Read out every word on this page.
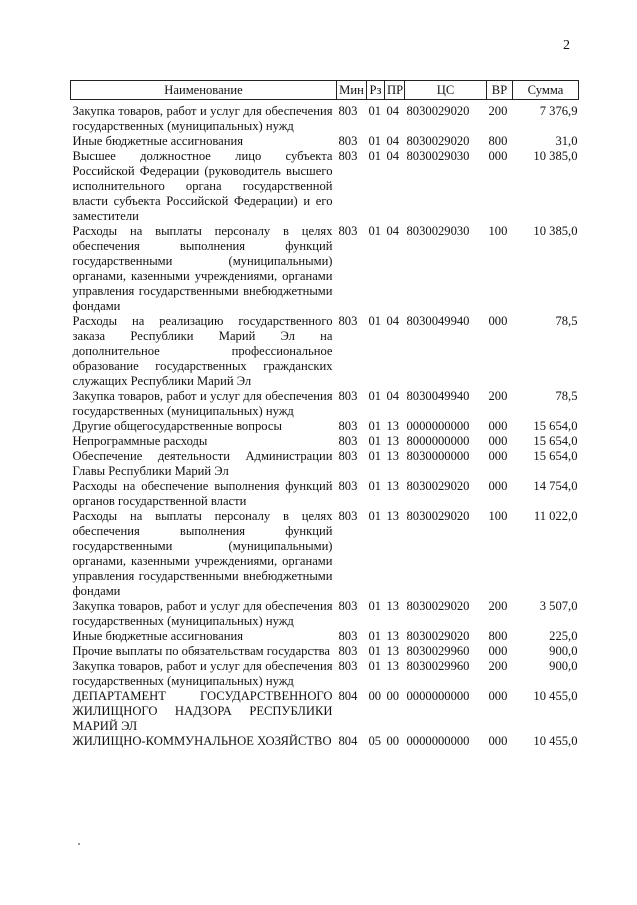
2
Наименование	Мин	Рз	ПР	ЦС	ВР	Сумма
Закупка товаров, работ и услуг для обеспечения государственных (муниципальных) нужд	803	01	04	8030029020	200	7 376,9
Иные бюджетные ассигнования	803	01	04	8030029020	800	31,0
Высшее должностное лицо субъекта Российской Федерации (руководитель высшего исполнительного органа государственной власти субъекта Российской Федерации) и его заместители	803	01	04	8030029030	000	10 385,0
Расходы на выплаты персоналу в целях обеспечения выполнения функций государственными (муниципальными) органами, казенными учреждениями, органами управления государственными внебюджетными фондами	803	01	04	8030029030	100	10 385,0
Расходы на реализацию государственного заказа Республики Марий Эл на дополнительное профессиональное образование государственных гражданских служащих Республики Марий Эл	803	01	04	8030049940	000	78,5
Закупка товаров, работ и услуг для обеспечения государственных (муниципальных) нужд	803	01	04	8030049940	200	78,5
Другие общегосударственные вопросы	803	01	13	0000000000	000	15 654,0
Непрограммные расходы	803	01	13	8000000000	000	15 654,0
Обеспечение деятельности Администрации Главы Республики Марий Эл	803	01	13	8030000000	000	15 654,0
Расходы на обеспечение выполнения функций органов государственной власти	803	01	13	8030029020	000	14 754,0
Расходы на выплаты персоналу в целях обеспечения выполнения функций государственными (муниципальными) органами, казенными учреждениями, органами управления государственными внебюджетными фондами	803	01	13	8030029020	100	11 022,0
Закупка товаров, работ и услуг для обеспечения государственных (муниципальных) нужд	803	01	13	8030029020	200	3 507,0
Иные бюджетные ассигнования	803	01	13	8030029020	800	225,0
Прочие выплаты по обязательствам государства	803	01	13	8030029960	000	900,0
Закупка товаров, работ и услуг для обеспечения государственных (муниципальных) нужд	803	01	13	8030029960	200	900,0
ДЕПАРТАМЕНТ ГОСУДАРСТВЕННОГО ЖИЛИЩНОГО НАДЗОРА РЕСПУБЛИКИ МАРИЙ ЭЛ	804	00	00	0000000000	000	10 455,0
ЖИЛИЩНО-КОММУНАЛЬНОЕ ХОЗЯЙСТВО	804	05	00	0000000000	000	10 455,0
